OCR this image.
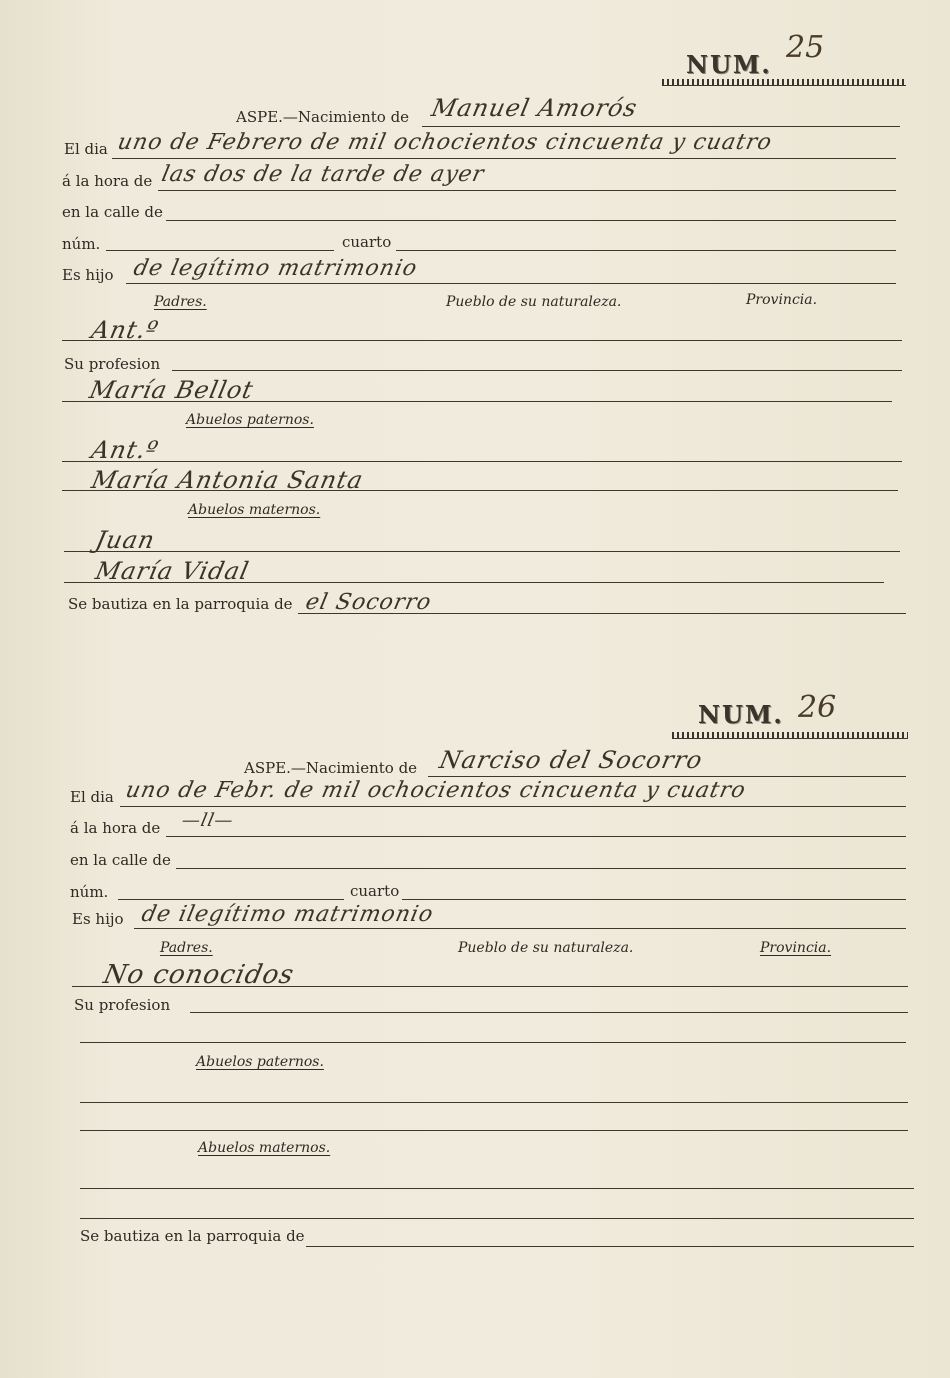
NUM. 25
ASPE.—Nacimiento de Manuel Amorós
El dia uno de Febrero de mil ochocientos cincuenta y cuatro
á la hora de las dos de la tarde de ayer
en la calle de
núm.	cuarto
Es hijo de legítimo matrimonio
Padres.	Pueblo de su naturaleza.	Provincia.
Ant.º
Su profesion
María Bellot
Abuelos paternos.
Ant.º
María Antonia Santa
Abuelos maternos.
Juan
María Vidal
Se bautiza en la parroquia de el Socorro
NUM. 26
ASPE.—Nacimiento de Narciso del Socorro
El dia uno de Febr. de mil ochocientos cincuenta y cuatro
á la hora de —ll—
en la calle de
núm.	cuarto
Es hijo de ilegítimo matrimonio
Padres.	Pueblo de su naturaleza.	Provincia.
No conocidos
Su profesion
Abuelos paternos.
Abuelos maternos.
Se bautiza en la parroquia de
